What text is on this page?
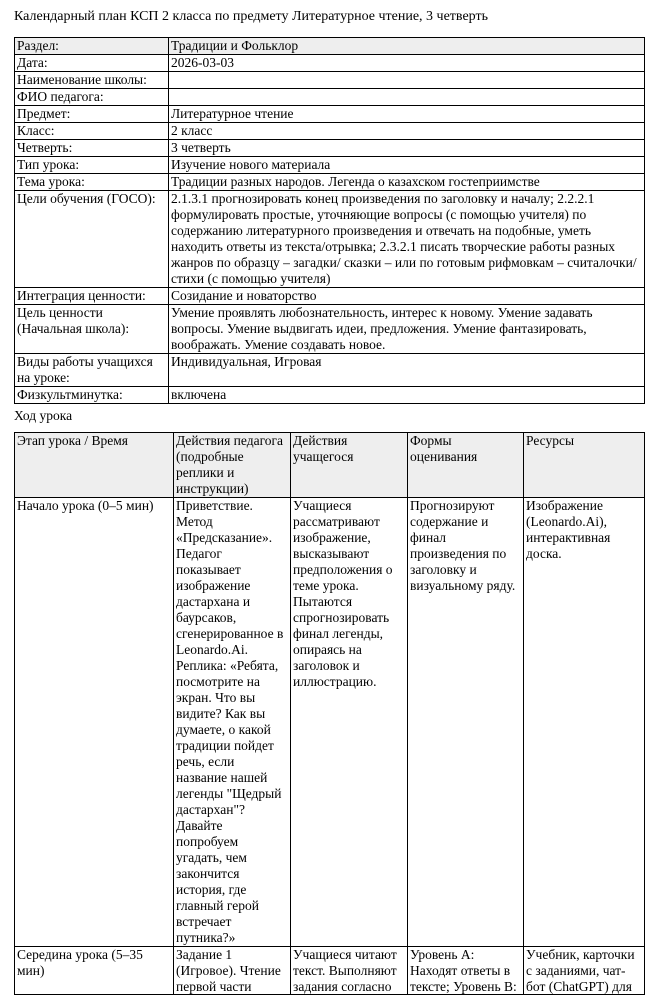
Календарный план КСП 2 класса по предмету Литературное чтение, 3 четверть

Раздел:	Традиции и Фольклор
Дата:	2026-03-03
Наименование школы:	
ФИО педагога:	
Предмет:	Литературное чтение
Класс:	2 класс
Четверть:	3 четверть
Тип урока:	Изучение нового материала
Тема урока:	Традиции разных народов. Легенда о казахском гостеприимстве
Цели обучения (ГОСО):	2.1.3.1 прогнозировать конец произведения по заголовку и началу; 2.2.2.1 формулировать простые, уточняющие вопросы (с помощью учителя) по содержанию литературного произведения и отвечать на подобные, уметь находить ответы из текста/отрывка; 2.3.2.1 писать творческие работы разных жанров по образцу – загадки/ сказки – или по готовым рифмовкам – считалочки/стихи (с помощью учителя)
Интеграция ценности:	Созидание и новаторство
Цель ценности (Начальная школа):	Умение проявлять любознательность, интерес к новому. Умение задавать вопросы. Умение выдвигать идеи, предложения. Умение фантазировать, воображать. Умение создавать новое.
Виды работы учащихся на уроке:	Индивидуальная, Игровая
Физкультминутка:	включена

Ход урока

Этап урока / Время	Действия педагога (подробные реплики и инструкции)	Действия учащегося	Формы оценивания	Ресурсы
Начало урока (0–5 мин)	Приветствие. Метод «Предсказание». Педагог показывает изображение дастархана и баурсаков, сгенерированное в Leonardo.Ai. Реплика: «Ребята, посмотрите на экран. Что вы видите? Как вы думаете, о какой традиции пойдет речь, если название нашей легенды "Щедрый дастархан"? Давайте попробуем угадать, чем закончится история, где главный герой встречает путника?»	Учащиеся рассматривают изображение, высказывают предположения о теме урока. Пытаются спрогнозировать финал легенды, опираясь на заголовок и иллюстрацию.	Прогнозируют содержание и финал произведения по заголовку и визуальному ряду.	Изображение (Leonardo.Ai), интерактивная доска.

Середина урока (5–35 мин)	Задание 1 (Игровое). Чтение первой части	Учащиеся читают текст. Выполняют задания согласно	Уровень A: Находят ответы в тексте; Уровень B:	Учебник, карточки с заданиями, чат-бот (ChatGPT) для
